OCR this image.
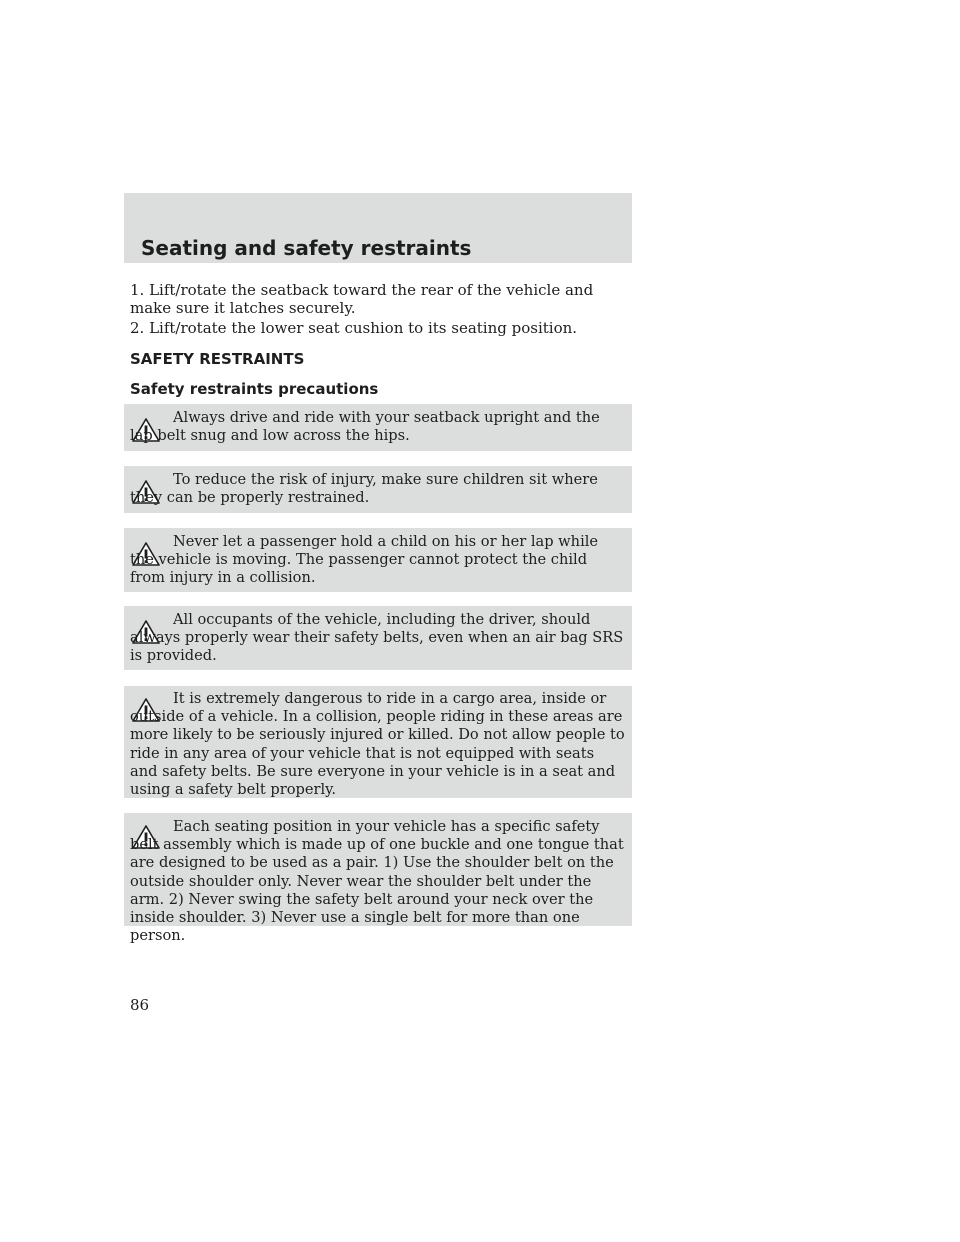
Seating and safety restraints
1. Lift/rotate the seatback toward the rear of the vehicle and make sure it latches securely.
2. Lift/rotate the lower seat cushion to its seating position.
SAFETY RESTRAINTS
Safety restraints precautions
Always drive and ride with your seatback upright and the lap belt snug and low across the hips.
To reduce the risk of injury, make sure children sit where they can be properly restrained.
Never let a passenger hold a child on his or her lap while the vehicle is moving. The passenger cannot protect the child from injury in a collision.
All occupants of the vehicle, including the driver, should always properly wear their safety belts, even when an air bag SRS is provided.
It is extremely dangerous to ride in a cargo area, inside or outside of a vehicle. In a collision, people riding in these areas are more likely to be seriously injured or killed. Do not allow people to ride in any area of your vehicle that is not equipped with seats and safety belts. Be sure everyone in your vehicle is in a seat and using a safety belt properly.
Each seating position in your vehicle has a specific safety belt assembly which is made up of one buckle and one tongue that are designed to be used as a pair. 1) Use the shoulder belt on the outside shoulder only. Never wear the shoulder belt under the arm. 2) Never swing the safety belt around your neck over the inside shoulder. 3) Never use a single belt for more than one person.
86
